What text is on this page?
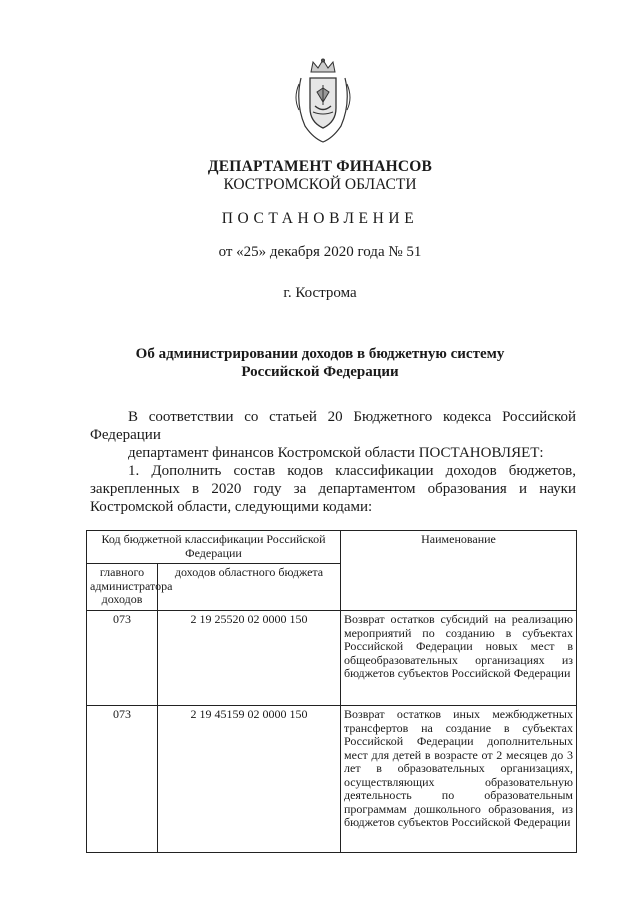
ДЕПАРТАМЕНТ ФИНАНСОВ
КОСТРОМСКОЙ ОБЛАСТИ
ПОСТАНОВЛЕНИЕ
от «25» декабря 2020 года № 51
г. Кострома
Об администрировании доходов в бюджетную систему
Российской Федерации
В соответствии со статьей 20 Бюджетного кодекса Российской Федерации
департамент финансов Костромской области ПОСТАНОВЛЯЕТ:
1. Дополнить состав кодов классификации доходов бюджетов, закрепленных в 2020 году за департаментом образования и науки Костромской области, следующими кодами:
Код бюджетной классификации Российской Федерации		Наименование
главного администратора доходов	доходов областного бюджета	
073	2 19 25520 02 0000 150	Возврат остатков субсидий на реализацию мероприятий по созданию в субъектах Российской Федерации новых мест в общеобразовательных организациях из бюджетов субъектов Российской Федерации
073	2 19 45159 02 0000 150	Возврат остатков иных межбюджетных трансфертов на создание в субъектах Российской Федерации дополнительных мест для детей в возрасте от 2 месяцев до 3 лет в образовательных организациях, осуществляющих образовательную деятельность по образовательным программам дошкольного образования, из бюджетов субъектов Российской Федерации
